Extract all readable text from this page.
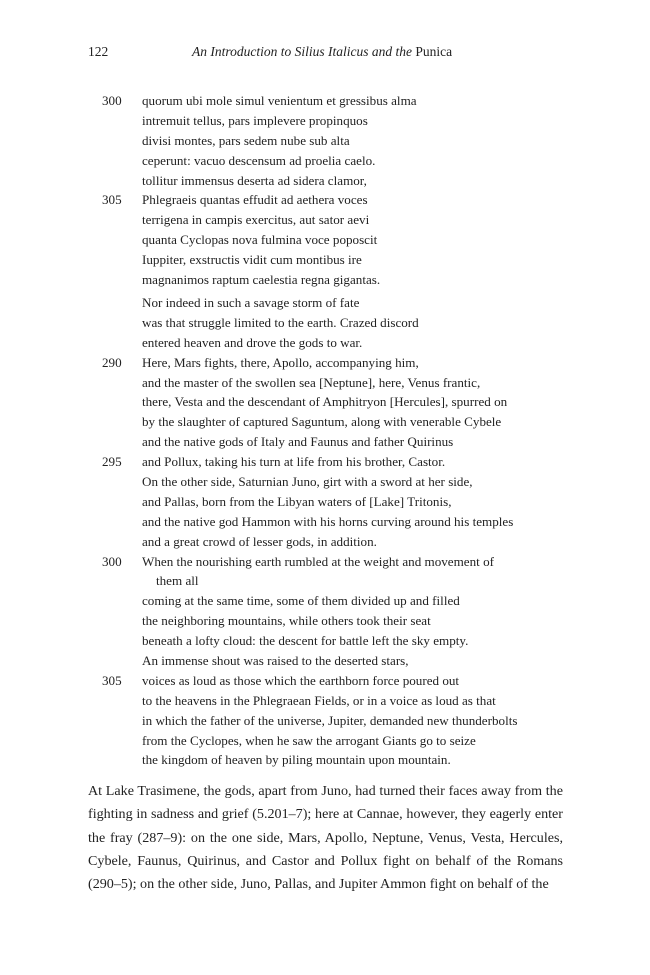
122	An Introduction to Silius Italicus and the Punica
300 quorum ubi mole simul venientum et gressibus alma
intremuit tellus, pars implevere propinquos
divisi montes, pars sedem nube sub alta
ceperunt: vacuo descensum ad proelia caelo.
tollitur immensus deserta ad sidera clamor,
305 Phlegraeis quantas effudit ad aethera voces
terrigena in campis exercitus, aut sator aevi
quanta Cyclopas nova fulmina voce poposcit
Iuppiter, exstructis vidit cum montibus ire
magnanimos raptum caelestia regna gigantas.
Nor indeed in such a savage storm of fate
was that struggle limited to the earth. Crazed discord
entered heaven and drove the gods to war.
290 Here, Mars fights, there, Apollo, accompanying him,
and the master of the swollen sea [Neptune], here, Venus frantic,
there, Vesta and the descendant of Amphitryon [Hercules], spurred on
by the slaughter of captured Saguntum, along with venerable Cybele
and the native gods of Italy and Faunus and father Quirinus
295 and Pollux, taking his turn at life from his brother, Castor.
On the other side, Saturnian Juno, girt with a sword at her side,
and Pallas, born from the Libyan waters of [Lake] Tritonis,
and the native god Hammon with his horns curving around his temples
and a great crowd of lesser gods, in addition.
300 When the nourishing earth rumbled at the weight and movement of
them all
coming at the same time, some of them divided up and filled
the neighboring mountains, while others took their seat
beneath a lofty cloud: the descent for battle left the sky empty.
An immense shout was raised to the deserted stars,
305 voices as loud as those which the earthborn force poured out
to the heavens in the Phlegraean Fields, or in a voice as loud as that
in which the father of the universe, Jupiter, demanded new thunderbolts
from the Cyclopes, when he saw the arrogant Giants go to seize
the kingdom of heaven by piling mountain upon mountain.
At Lake Trasimene, the gods, apart from Juno, had turned their faces away from the fighting in sadness and grief (5.201–7); here at Cannae, however, they eagerly enter the fray (287–9): on the one side, Mars, Apollo, Neptune, Venus, Vesta, Hercules, Cybele, Faunus, Quirinus, and Castor and Pollux fight on behalf of the Romans (290–5); on the other side, Juno, Pallas, and Jupiter Ammon fight on behalf of the
